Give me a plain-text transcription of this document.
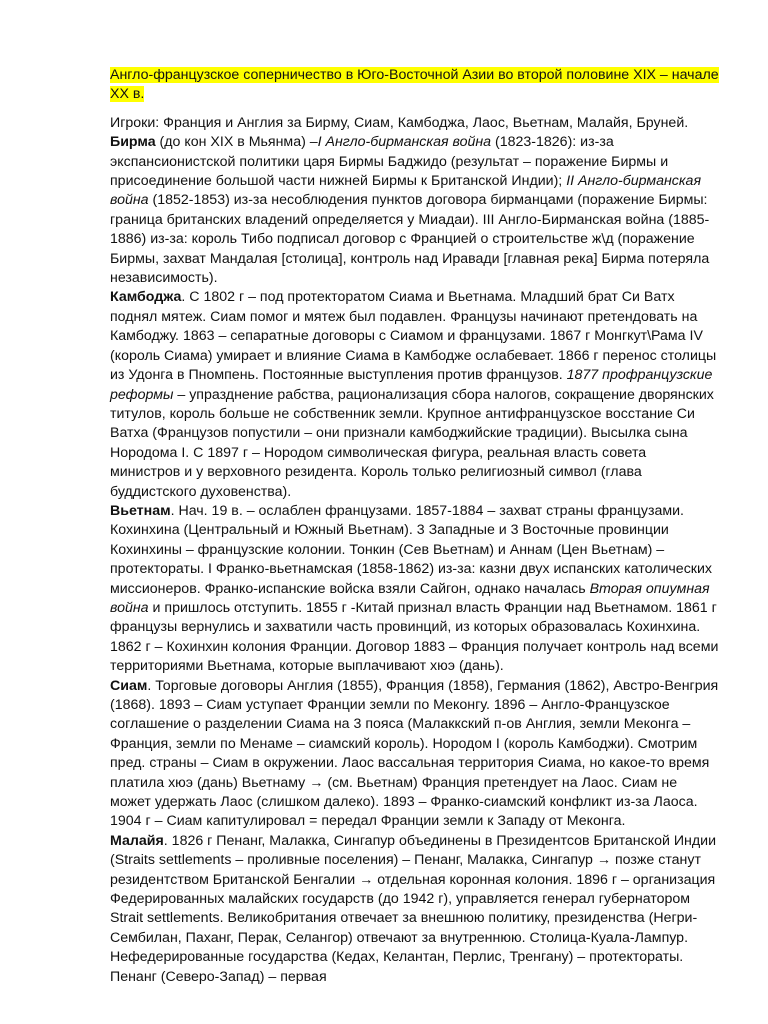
Англо-французское соперничество в Юго-Восточной Азии во второй половине XIX – начале XX в.

Игроки: Франция и Англия за Бирму, Сиам, Камбоджа, Лаос, Вьетнам, Малайя, Бруней.

Бирма (до кон XIX в Мьянма) –I Англо-бирманская война (1823-1826): из-за экспансионистской политики царя Бирмы Баджидо (результат – поражение Бирмы и присоединение большой части нижней Бирмы к Британской Индии); II Англо-бирманская война (1852-1853) из-за несоблюдения пунктов договора бирманцами (поражение Бирмы: граница британских владений определяется у Миадаи). III Англо-Бирманская война (1885-1886) из-за: король Тибо подписал договор с Францией о строительстве ж\д (поражение Бирмы, захват Мандалая [столица], контроль над Иравади [главная река] Бирма потеряла независимость).

Камбоджа. С 1802 г – под протекторатом Сиама и Вьетнама. Младший брат Си Ватх поднял мятеж. Сиам помог и мятеж был подавлен. Французы начинают претендовать на Камбоджу. 1863 – сепаратные договоры с Сиамом и французами. 1867 г Монгкут\Рама IV (король Сиама) умирает и влияние Сиама в Камбодже ослабевает. 1866 г перенос столицы из Удонга в Пномпень. Постоянные выступления против французов. 1877 профранцузские реформы – упразднение рабства, рационализация сбора налогов, сокращение дворянских титулов, король больше не собственник земли. Крупное антифранцузское восстание Си Ватха (Французов попустили – они признали камбоджийские традиции). Высылка сына Нородома I. С 1897 г – Нородом символическая фигура, реальная власть совета министров и у верховного резидента. Король только религиозный символ (глава буддистского духовенства).

Вьетнам. Нач. 19 в. – ослаблен французами. 1857-1884 – захват страны французами. Кохинхина (Центральный и Южный Вьетнам). 3 Западные и 3 Восточные провинции Кохинхины – французские колонии. Тонкин (Сев Вьетнам) и Аннам (Цен Вьетнам) – протектораты. I Франко-вьетнамская (1858-1862) из-за: казни двух испанских католических миссионеров. Франко-испанские войска взяли Сайгон, однако началась Вторая опиумная война и пришлось отступить. 1855 г -Китай признал власть Франции над Вьетнамом. 1861 г французы вернулись и захватили часть провинций, из которых образовалась Кохинхина. 1862 г – Кохинхин колония Франции. Договор 1883 – Франция получает контроль над всеми территориями Вьетнама, которые выплачивают хюэ (дань).

Сиам. Торговые договоры Англия (1855), Франция (1858), Германия (1862), Австро-Венгрия (1868). 1893 – Сиам уступает Франции земли по Меконгу. 1896 – Англо-Французское соглашение о разделении Сиама на 3 пояса (Малаккский п-ов Англия, земли Меконга – Франция, земли по Менаме – сиамский король). Нородом I (король Камбоджи). Смотрим пред. страны – Сиам в окружении. Лаос вассальная территория Сиама, но какое-то время платила хюэ (дань) Вьетнаму → (см. Вьетнам) Франция претендует на Лаос. Сиам не может удержать Лаос (слишком далеко). 1893 – Франко-сиамский конфликт из-за Лаоса. 1904 г – Сиам капитулировал = передал Франции земли к Западу от Меконга.

Малайя. 1826 г Пенанг, Малакка, Сингапур объединены в Президентсов Британской Индии (Straits settlements – проливные поселения) – Пенанг, Малакка, Сингапур → позже станут резидентством Британской Бенгалии → отдельная коронная колония. 1896 г – организация Федерированных малайских государств (до 1942 г), управляется генерал губернатором Strait settlements. Великобритания отвечает за внешнюю политику, президенства (Негри-Сембилан, Паханг, Перак, Селангор) отвечают за внутреннюю. Столица-Куала-Лампур. Нефедерированные государства (Кедах, Келантан, Перлис, Тренгану) – протектораты. Пенанг (Северо-Запад) – первая
